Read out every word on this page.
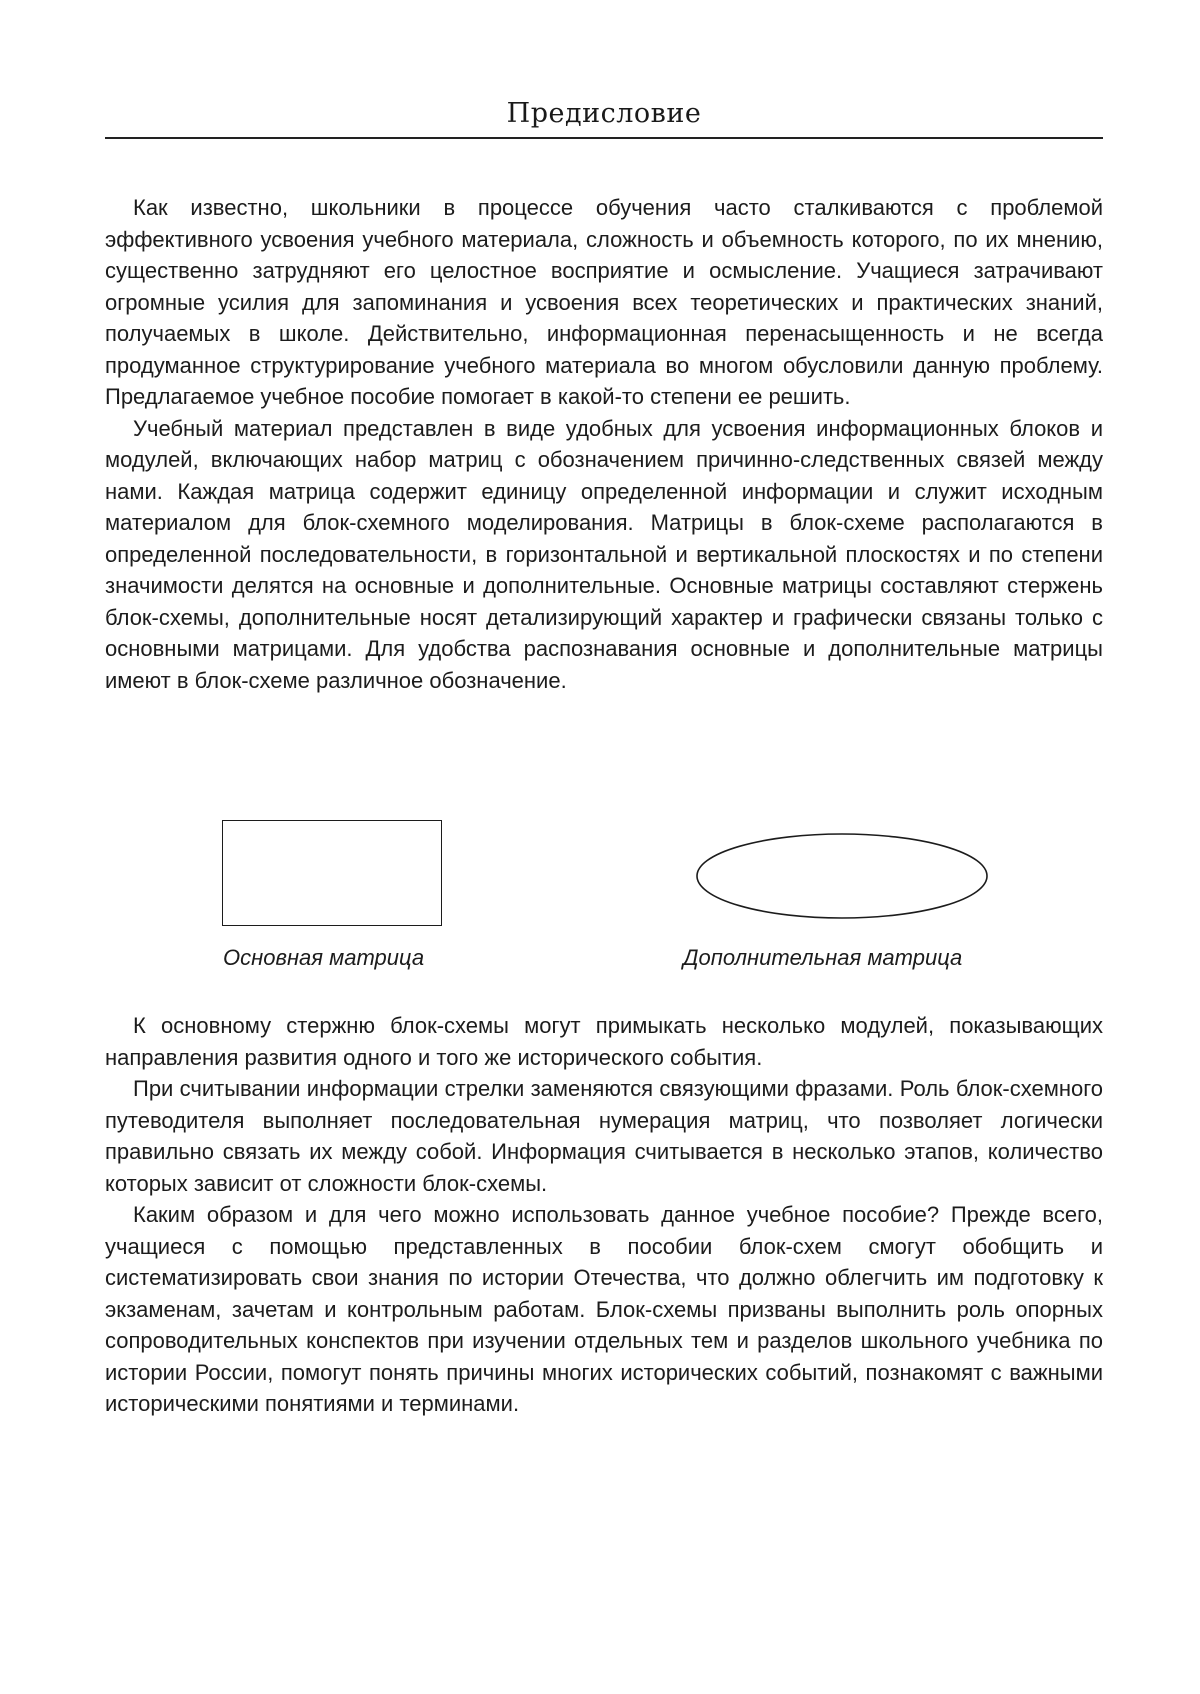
Предисловие

Как известно, школьники в процессе обучения часто сталкиваются с проблемой эффективного усвоения учебного материала, сложность и объемность которого, по их мнению, существенно затрудняют его целостное восприятие и осмысление. Учащиеся затрачивают огромные усилия для запоминания и усвоения всех теоретических и практических знаний, получаемых в школе. Действительно, информационная перенасыщенность и не всегда продуманное структурирование учебного материала во многом обусловили данную проблему. Предлагаемое учебное пособие помогает в какой-то степени ее решить.

Учебный материал представлен в виде удобных для усвоения информационных блоков и модулей, включающих набор матриц с обозначением причинно-следственных связей между нами. Каждая матрица содержит единицу определенной информации и служит исходным материалом для блок-схемного моделирования. Матрицы в блок-схеме располагаются в определенной последовательности, в горизонтальной и вертикальной плоскостях и по степени значимости делятся на основные и дополнительные. Основные матрицы составляют стержень блок-схемы, дополнительные носят детализирующий характер и графически связаны только с основными матрицами. Для удобства распознавания основные и дополнительные матрицы имеют в блок-схеме различное обозначение.

Основная матрица	Дополнительная матрица

К основному стержню блок-схемы могут примыкать несколько модулей, показывающих направления развития одного и того же исторического события.

При считывании информации стрелки заменяются связующими фразами. Роль блок-схемного путеводителя выполняет последовательная нумерация матриц, что позволяет логически правильно связать их между собой. Информация считывается в несколько этапов, количество которых зависит от сложности блок-схемы.

Каким образом и для чего можно использовать данное учебное пособие? Прежде всего, учащиеся с помощью представленных в пособии блок-схем смогут обобщить и систематизировать свои знания по истории Отечества, что должно облегчить им подготовку к экзаменам, зачетам и контрольным работам. Блок-схемы призваны выполнить роль опорных сопроводительных конспектов при изучении отдельных тем и разделов школьного учебника по истории России, помогут понять причины многих исторических событий, познакомят с важными историческими понятиями и терминами.
